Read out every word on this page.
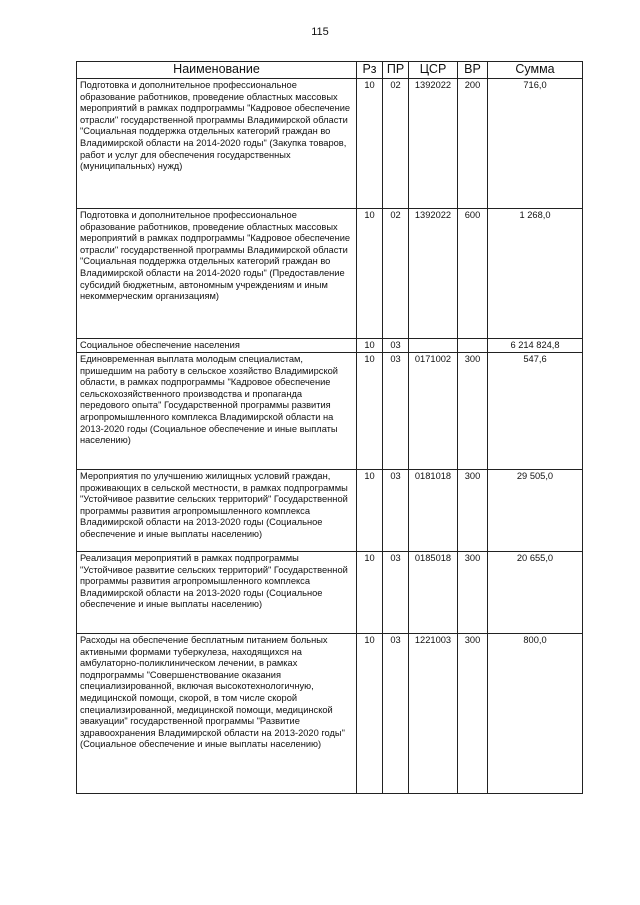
115
Наименование	Рз	ПР	ЦСР	ВР	Сумма
Подготовка и дополнительное профессиональное образование работников, проведение областных массовых мероприятий в рамках подпрограммы "Кадровое обеспечение отрасли" государственной программы Владимирской области "Социальная поддержка отдельных категорий граждан во Владимирской области на 2014-2020 годы" (Закупка товаров, работ и услуг для обеспечения государственных (муниципальных) нужд)	10	02	1392022	200	716,0
Подготовка и дополнительное профессиональное образование работников, проведение областных массовых мероприятий в рамках подпрограммы "Кадровое обеспечение отрасли" государственной программы Владимирской области "Социальная поддержка отдельных категорий граждан во Владимирской области на 2014-2020 годы" (Предоставление субсидий бюджетным, автономным учреждениям и иным некоммерческим организациям)	10	02	1392022	600	1 268,0
Социальное обеспечение населения	10	03			6 214 824,8
Единовременная выплата молодым специалистам, пришедшим на работу в сельское хозяйство Владимирской области, в рамках подпрограммы "Кадровое обеспечение сельскохозяйственного производства и пропаганда передового опыта" Государственной программы развития агропромышленного комплекса Владимирской области на 2013-2020 годы (Социальное обеспечение и иные выплаты населению)	10	03	0171002	300	547,6
Мероприятия по улучшению жилищных условий граждан, проживающих в сельской местности, в рамках подпрограммы "Устойчивое развитие сельских территорий" Государственной программы развития агропромышленного комплекса Владимирской области на 2013-2020 годы (Социальное обеспечение и иные выплаты населению)	10	03	0181018	300	29 505,0
Реализация мероприятий в рамках подпрограммы "Устойчивое развитие сельских территорий" Государственной программы развития агропромышленного комплекса Владимирской области на 2013-2020 годы (Социальное обеспечение и иные выплаты населению)	10	03	0185018	300	20 655,0
Расходы на обеспечение бесплатным питанием больных активными формами туберкулеза, находящихся на амбулаторно-поликлиническом лечении, в рамках подпрограммы "Совершенствование оказания специализированной, включая высокотехнологичную, медицинской помощи, скорой, в том числе скорой специализированной, медицинской помощи, медицинской эвакуации" государственной программы "Развитие здравоохранения Владимирской области на 2013-2020 годы" (Социальное обеспечение и иные выплаты населению)	10	03	1221003	300	800,0
